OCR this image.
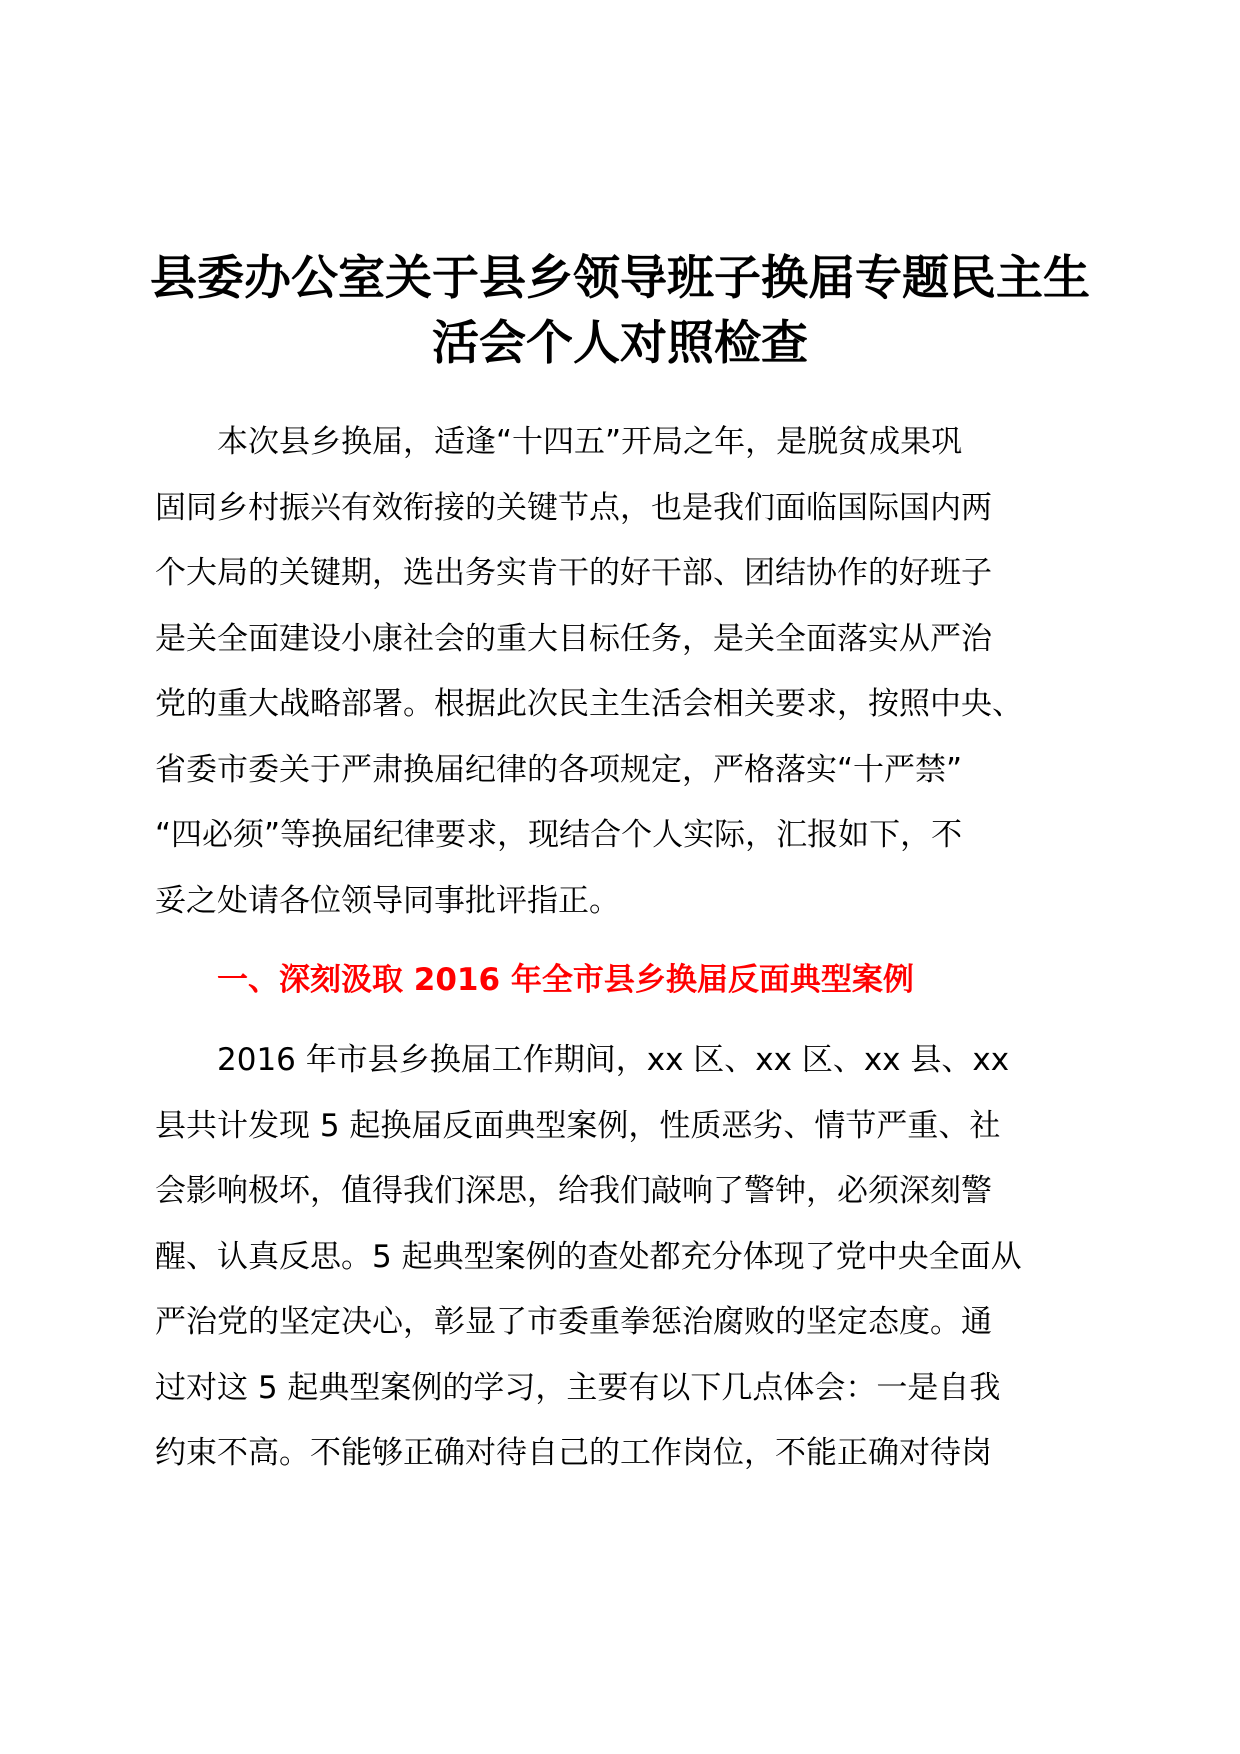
县委办公室关于县乡领导班子换届专题民主生
活会个人对照检查
本次县乡换届，适逢“十四五”开局之年，是脱贫成果巩
固同乡村振兴有效衔接的关键节点，也是我们面临国际国内两
个大局的关键期，选出务实肯干的好干部、团结协作的好班子
是关全面建设小康社会的重大目标任务，是关全面落实从严治
党的重大战略部署。根据此次民主生活会相关要求，按照中央、
省委市委关于严肃换届纪律的各项规定，严格落实“十严禁”
“四必须”等换届纪律要求，现结合个人实际，汇报如下，不
妥之处请各位领导同事批评指正。
一、深刻汲取 2016 年全市县乡换届反面典型案例
2016 年市县乡换届工作期间，xx 区、xx 区、xx 县、xx
县共计发现 5 起换届反面典型案例，性质恶劣、情节严重、社
会影响极坏，值得我们深思，给我们敲响了警钟，必须深刻警
醒、认真反思。5 起典型案例的查处都充分体现了党中央全面从
严治党的坚定决心，彰显了市委重拳惩治腐败的坚定态度。通
过对这 5 起典型案例的学习，主要有以下几点体会：一是自我
约束不高。不能够正确对待自己的工作岗位，不能正确对待岗
